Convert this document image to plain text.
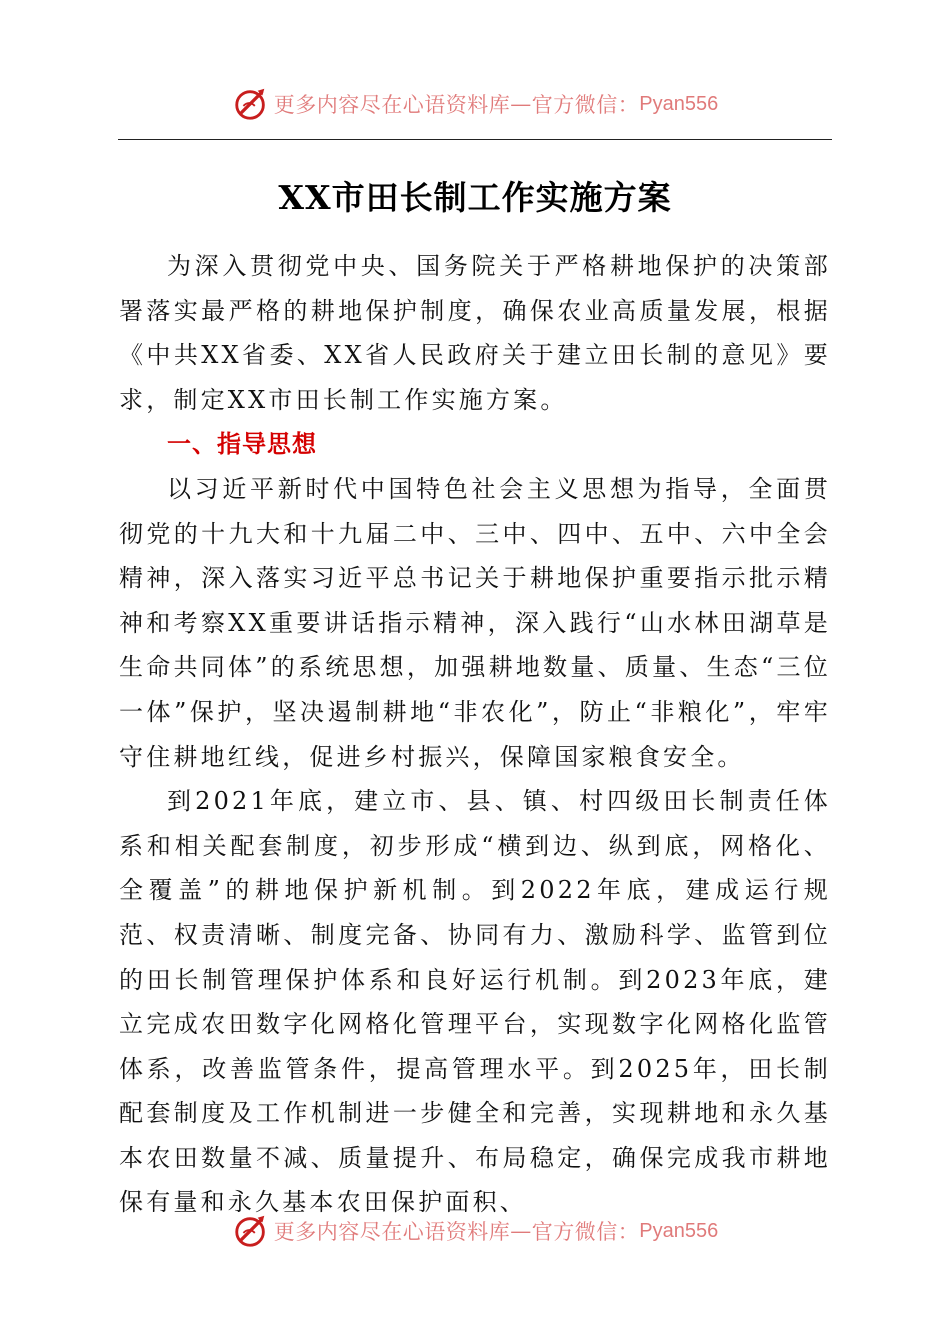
更多内容尽在心语资料库 — 官方微信： Pyan556
XX市田长制工作实施方案

为深入贯彻党中央、国务院关于严格耕地保护的决策部署落实最严格的耕地保护制度，确保农业高质量发展，根据《中共XX省委、XX省人民政府关于建立田长制的意见》要求，制定XX市田长制工作实施方案。

一、指导思想

以习近平新时代中国特色社会主义思想为指导，全面贯彻党的十九大和十九届二中、三中、四中、五中、六中全会精神，深入落实习近平总书记关于耕地保护重要指示批示精神和考察XX重要讲话指示精神，深入践行“山水林田湖草是生命共同体”的系统思想，加强耕地数量、质量、生态“三位一体”保护，坚决遏制耕地“非农化”，防止“非粮化”，牢牢守住耕地红线，促进乡村振兴，保障国家粮食安全。

到2021年底，建立市、县、镇、村四级田长制责任体系和相关配套制度，初步形成“横到边、纵到底，网格化、全覆盖”的耕地保护新机制。到2022年底，建成运行规范、权责清晰、制度完备、协同有力、激励科学、监管到位的田长制管理保护体系和良好运行机制。到2023年底，建立完成农田数字化网格化管理平台，实现数字化网格化监管体系，改善监管条件，提高管理水平。到2025年，田长制配套制度及工作机制进一步健全和完善，实现耕地和永久基本农田数量不减、质量提升、布局稳定，确保完成我市耕地保有量和永久基本农田保护面积、

更多内容尽在心语资料库 — 官方微信： Pyan556
